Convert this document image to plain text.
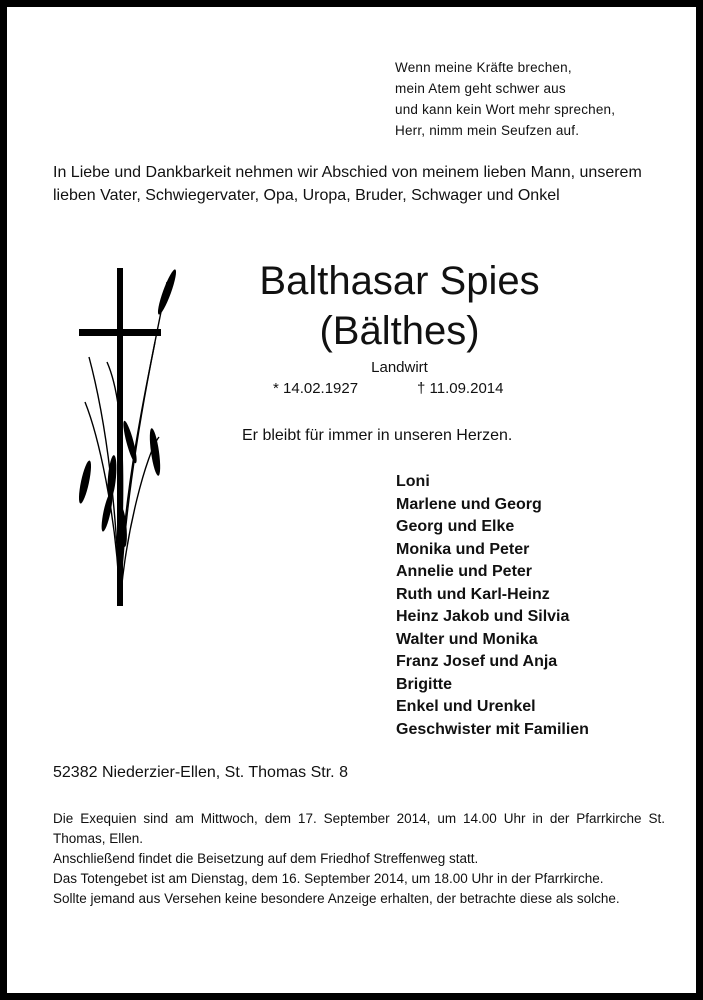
Wenn meine Kräfte brechen,
mein Atem geht schwer aus
und kann kein Wort mehr sprechen,
Herr, nimm mein Seufzen auf.
In Liebe und Dankbarkeit nehmen wir Abschied von meinem lieben Mann, unserem lieben Vater, Schwiegervater, Opa, Uropa, Bruder, Schwager und Onkel
Balthasar Spies
(Bälthes)
Landwirt
* 14.02.1927	† 11.09.2014
Er bleibt für immer in unseren Herzen.
Loni
Marlene und Georg
Georg und Elke
Monika und Peter
Annelie und Peter
Ruth und Karl-Heinz
Heinz Jakob und Silvia
Walter und Monika
Franz Josef und Anja
Brigitte
Enkel und Urenkel
Geschwister mit Familien
52382 Niederzier-Ellen, St. Thomas Str. 8

Die Exequien sind am Mittwoch, dem 17. September 2014, um 14.00 Uhr in der Pfarrkirche St. Thomas, Ellen.

Anschließend findet die Beisetzung auf dem Friedhof Streffenweg statt.

Das Totengebet ist am Dienstag, dem 16. September 2014, um 18.00 Uhr in der Pfarrkirche.

Sollte jemand aus Versehen keine besondere Anzeige erhalten, der betrachte diese als solche.
